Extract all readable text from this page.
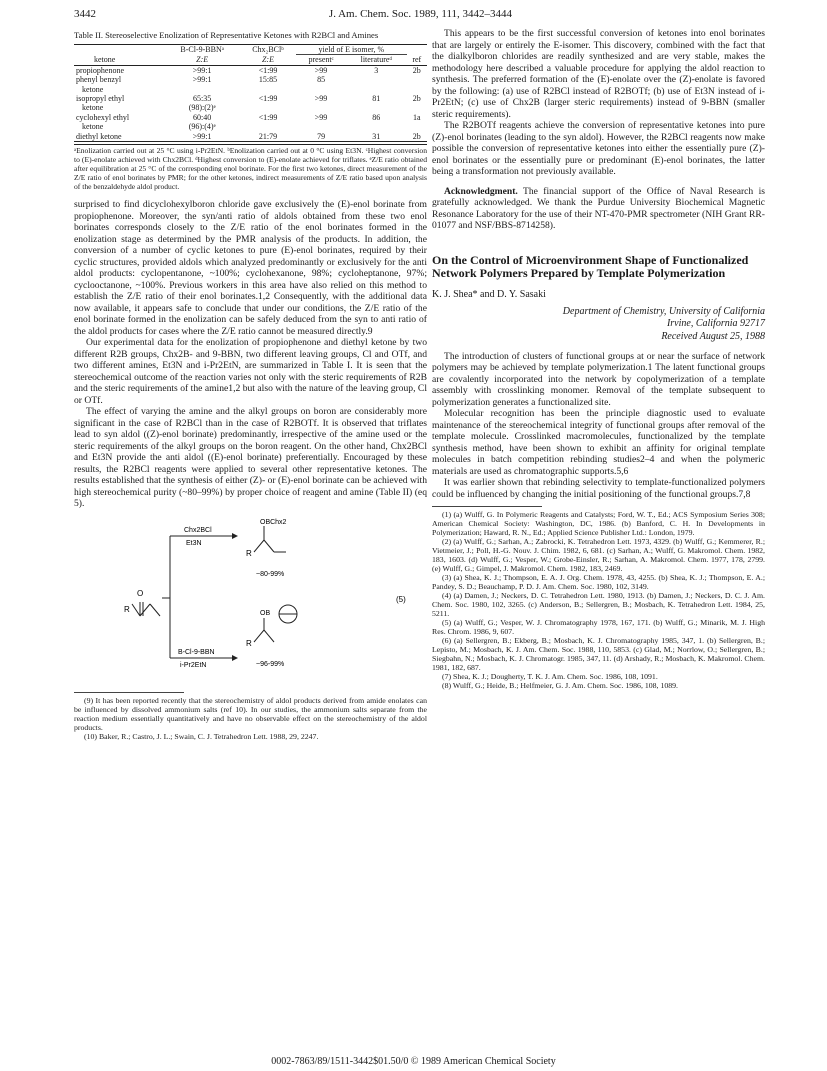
3442	J. Am. Chem. Soc. 1989, 111, 3442–3444

Table II. Stereoselective Enolization of Representative Ketones with R2BCl and Amines

	B-Cl-9-BBNᵃ	Chx₂BClᵇ	yield of E isomer, %		
ketone	Z:E	Z:E	presentᶜ	literatureᵈ	ref
propiophenone	>99:1	<1:99	>99	3	2b
phenyl benzyl	>99:1	15:85	85		
ketone					
isopropyl ethyl	65:35	<1:99	>99	81	2b
ketone	(98):(2)ᵉ				
cyclohexyl ethyl	60:40	<1:99	>99	86	1a
ketone	(96):(4)ᵉ				
diethyl ketone	>99:1	21:79	79	31	2b
ᵃEnolization carried out at 25 °C using i-Pr2EtN. ᵇEnolization carried out at 0 °C using Et3N. ᶜHighest conversion to (E)-enolate achieved with Chx2BCl. ᵈHighest conversion to (E)-enolate achieved for triflates. ᵉZ/E ratio obtained after equilibration at 25 °C of the corresponding enol borinate. For the first two ketones, direct measurement of the Z/E ratio of enol borinates by PMR; for the other ketones, indirect measurements of Z/E ratio based upon analysis of the benzaldehyde aldol product.

surprised to find dicyclohexylboron chloride gave exclusively the (E)-enol borinate from propiophenone. Moreover, the syn/anti ratio of aldols obtained from these two enol borinates corresponds closely to the Z/E ratio of the enol borinates formed in the enolization stage as determined by the PMR analysis of the products. In addition, the conversion of a number of cyclic ketones to pure (E)-enol borinates, required by their cyclic structures, provided aldols which analyzed predominantly or exclusively for the anti aldol products: cyclopentanone, ~100%; cyclohexanone, 98%; cycloheptanone, 97%; cyclooctanone, ~100%. Previous workers in this area have also relied on this method to establish the Z/E ratio of their enol borinates.1,2 Consequently, with the additional data now available, it appears safe to conclude that under our conditions, the Z/E ratio of the enol borinate formed in the enolization can be safely deduced from the syn to anti ratio of the aldol products for cases where the Z/E ratio cannot be measured directly.9

Our experimental data for the enolization of propiophenone and diethyl ketone by two different R2B groups, Chx2B- and 9-BBN, two different leaving groups, Cl and OTf, and two different amines, Et3N and i-Pr2EtN, are summarized in Table I. It is seen that the stereochemical outcome of the reaction varies not only with the steric requirements of R2B and the steric requirements of the amine1,2 but also with the nature of the leaving group, Cl or OTf.

The effect of varying the amine and the alkyl groups on boron are considerably more significant in the case of R2BCl than in the case of R2BOTf. It is observed that triflates lead to syn aldol ((Z)-enol borinate) predominantly, irrespective of the amine used or the steric requirements of the alkyl groups on the boron reagent. On the other hand, Chx2BCl and Et3N provide the anti aldol ((E)-enol borinate) preferentially. Encouraged by these results, the R2BCl reagents were applied to several other representative ketones. The results established that the synthesis of either (Z)- or (E)-enol borinate can be achieved with high stereochemical purity (~80–99%) by proper choice of reagent and amine (Table II) (eq 5).

O
R
Chx2BCl
Et3N
B-Cl-9-BBN
i-Pr2EtN
OBChx2
R
~80-99%
OB
R
~96-99%
(5)

(9) It has been reported recently that the stereochemistry of aldol products derived from amide enolates can be influenced by dissolved ammonium salts (ref 10). In our studies, the ammonium salts separate from the reaction medium essentially quantitatively and have no observable effect on the stereochemistry of the aldol products.

(10) Baker, R.; Castro, J. L.; Swain, C. J. Tetrahedron Lett. 1988, 29, 2247.

This appears to be the first successful conversion of ketones into enol borinates that are largely or entirely the E-isomer. This discovery, combined with the fact that the dialkylboron chlorides are readily synthesized and are very stable, makes the methodology here described a valuable procedure for applying the aldol reaction to synthesis. The preferred formation of the (E)-enolate over the (Z)-enolate is favored by the following: (a) use of R2BCl instead of R2BOTf; (b) use of Et3N instead of i-Pr2EtN; (c) use of Chx2B (larger steric requirements) instead of 9-BBN (smaller steric requirements).

The R2BOTf reagents achieve the conversion of representative ketones into pure (Z)-enol borinates (leading to the syn aldol). However, the R2BCl reagents now make possible the conversion of representative ketones into either the essentially pure (Z)-enol borinates or the essentially pure or predominant (E)-enol borinates, the latter being a transformation not previously available.

Acknowledgment. The financial support of the Office of Naval Research is gratefully acknowledged. We thank the Purdue University Biochemical Magnetic Resonance Laboratory for the use of their NT-470-PMR spectrometer (NIH Grant RR-01077 and NSF/BBS-8714258).

On the Control of Microenvironment Shape of Functionalized Network Polymers Prepared by Template Polymerization
K. J. Shea* and D. Y. Sasaki
Department of Chemistry, University of California
Irvine, California 92717
Received August 25, 1988

The introduction of clusters of functional groups at or near the surface of network polymers may be achieved by template polymerization.1 The latent functional groups are covalently incorporated into the network by copolymerization of a template assembly with crosslinking monomer. Removal of the template subsequent to polymerization generates a functionalized site.

Molecular recognition has been the principle diagnostic used to evaluate maintenance of the stereochemical integrity of functional groups after removal of the template molecule. Crosslinked macromolecules, functionalized by the template synthesis method, have been shown to exhibit an affinity for original template molecules in batch competition rebinding studies2–4 and when the polymeric materials are used as chromatographic supports.5,6

It was earlier shown that rebinding selectivity to template-functionalized polymers could be influenced by changing the initial positioning of the functional groups.7,8

(1) (a) Wulff, G. In Polymeric Reagents and Catalysts; Ford, W. T., Ed.; ACS Symposium Series 308; American Chemical Society: Washington, DC, 1986. (b) Banford, C. H. In Developments in Polymerization; Haward, R. N., Ed.; Applied Science Publisher Ltd.: London, 1979.

(2) (a) Wulff, G.; Sarhan, A.; Zabrocki, K. Tetrahedron Lett. 1973, 4329. (b) Wulff, G.; Kemmerer, R.; Vietmeier, J.; Poll, H.-G. Nouv. J. Chim. 1982, 6, 681. (c) Sarhan, A.; Wulff, G. Makromol. Chem. 1982, 183, 1603. (d) Wulff, G.; Vesper, W.; Grobe-Einsler, R.; Sarhan, A. Makromol. Chem. 1977, 178, 2799. (e) Wulff, G.; Gimpel, J. Makromol. Chem. 1982, 183, 2469.

(3) (a) Shea, K. J.; Thompson, E. A. J. Org. Chem. 1978, 43, 4255. (b) Shea, K. J.; Thompson, E. A.; Pandey, S. D.; Beauchamp, P. D. J. Am. Chem. Soc. 1980, 102, 3149.

(4) (a) Damen, J.; Neckers, D. C. Tetrahedron Lett. 1980, 1913. (b) Damen, J.; Neckers, D. C. J. Am. Chem. Soc. 1980, 102, 3265. (c) Anderson, B.; Sellergren, B.; Mosbach, K. Tetrahedron Lett. 1984, 25, 5211.

(5) (a) Wulff, G.; Vesper, W. J. Chromatography 1978, 167, 171. (b) Wulff, G.; Minarik, M. J. High Res. Chrom. 1986, 9, 607.

(6) (a) Sellergren, B.; Ekberg, B.; Mosbach, K. J. Chromatography 1985, 347, 1. (b) Sellergren, B.; Lepisto, M.; Mosbach, K. J. Am. Chem. Soc. 1988, 110, 5853. (c) Glad, M.; Norrlow, O.; Sellergren, B.; Siegbahn, N.; Mosbach, K. J. Chromatogr. 1985, 347, 11. (d) Arshady, R.; Mosbach, K. Makromol. Chem. 1981, 182, 687.

(7) Shea, K. J.; Dougherty, T. K. J. Am. Chem. Soc. 1986, 108, 1091.

(8) Wulff, G.; Heide, B.; Helfmeier, G. J. Am. Chem. Soc. 1986, 108, 1089.

0002-7863/89/1511-3442$01.50/0 © 1989 American Chemical Society
